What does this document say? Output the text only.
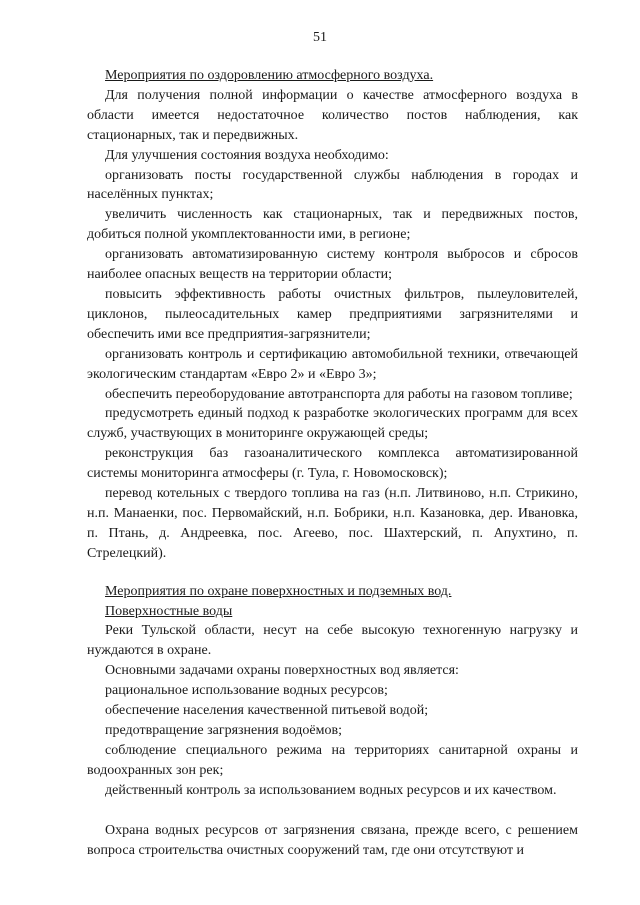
51

Мероприятия по оздоровлению атмосферного воздуха.

Для получения полной информации о качестве атмосферного воздуха в области имеется недостаточное количество постов наблюдения, как стационарных, так и передвижных.

Для улучшения состояния воздуха необходимо:

организовать посты государственной службы наблюдения в городах и населённых пунктах;

увеличить численность как стационарных, так и передвижных постов, добиться полной укомплектованности ими, в регионе;

организовать автоматизированную систему контроля выбросов и сбросов наиболее опасных веществ на территории области;

повысить эффективность работы очистных фильтров, пылеуловителей, циклонов, пылеосадительных камер предприятиями загрязнителями и обеспечить ими все предприятия-загрязнители;

организовать контроль и сертификацию автомобильной техники, отвечающей экологическим стандартам «Евро 2» и «Евро 3»;

обеспечить переоборудование автотранспорта для работы на газовом топливе;

предусмотреть единый подход к разработке экологических программ для всех служб, участвующих в мониторинге окружающей среды;

реконструкция баз газоаналитического комплекса автоматизированной системы мониторинга атмосферы (г. Тула, г. Новомосковск);

перевод котельных с твердого топлива на газ (н.п. Литвиново, н.п. Стрикино, н.п. Манаенки, пос. Первомайский, н.п. Бобрики, н.п. Казановка, дер. Ивановка, п. Птань, д. Андреевка, пос. Агеево, пос. Шахтерский, п. Апухтино, п. Стрелецкий).

Мероприятия по охране поверхностных и подземных вод.

Поверхностные воды

Реки Тульской области, несут на себе высокую техногенную нагрузку и нуждаются в охране.

Основными задачами охраны поверхностных вод является:

рациональное использование водных ресурсов;

обеспечение населения качественной питьевой водой;

предотвращение загрязнения водоёмов;

соблюдение специального режима на территориях санитарной охраны и водоохранных зон рек;

действенный контроль за использованием водных ресурсов и их качеством.

Охрана водных ресурсов от загрязнения связана, прежде всего, с решением вопроса строительства очистных сооружений там, где они отсутствуют и
